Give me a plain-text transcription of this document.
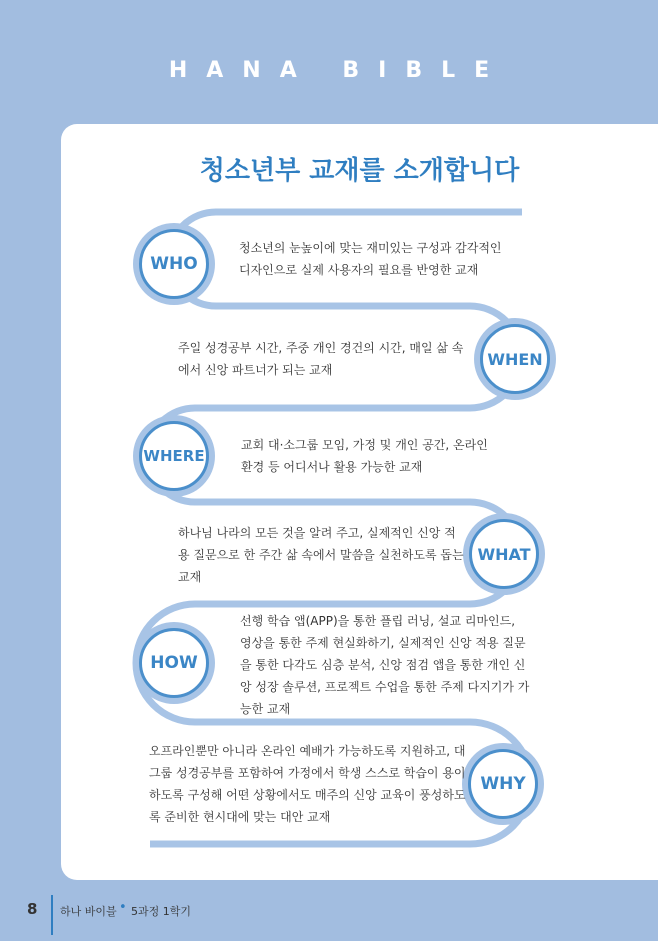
HANA BIBLE
청소년부 교재를 소개합니다
WHO
청소년의 눈높이에 맞는 재미있는 구성과 감각적인
디자인으로 실제 사용자의 필요를 반영한 교재
WHEN
주일 성경공부 시간, 주중 개인 경건의 시간, 매일 삶 속
에서 신앙 파트너가 되는 교재
WHERE
교회 대·소그룹 모임, 가정 및 개인 공간, 온라인
환경 등 어디서나 활용 가능한 교재
WHAT
하나님 나라의 모든 것을 알려 주고, 실제적인 신앙 적
용 질문으로 한 주간 삶 속에서 말씀을 실천하도록 돕는
교재
HOW
선행 학습 앱(APP)을 통한 플립 러닝, 설교 리마인드,
영상을 통한 주제 현실화하기, 실제적인 신앙 적용 질문
을 통한 다각도 심층 분석, 신앙 점검 앱을 통한 개인 신
앙 성장 솔루션, 프로젝트 수업을 통한 주제 다지기가 가
능한 교재
WHY
오프라인뿐만 아니라 온라인 예배가 가능하도록 지원하고, 대
그룹 성경공부를 포함하여 가정에서 학생 스스로 학습이 용이
하도록 구성해 어떤 상황에서도 매주의 신앙 교육이 풍성하도
록 준비한 현시대에 맞는 대안 교재
8 하나 바이블 • 5과정 1학기
